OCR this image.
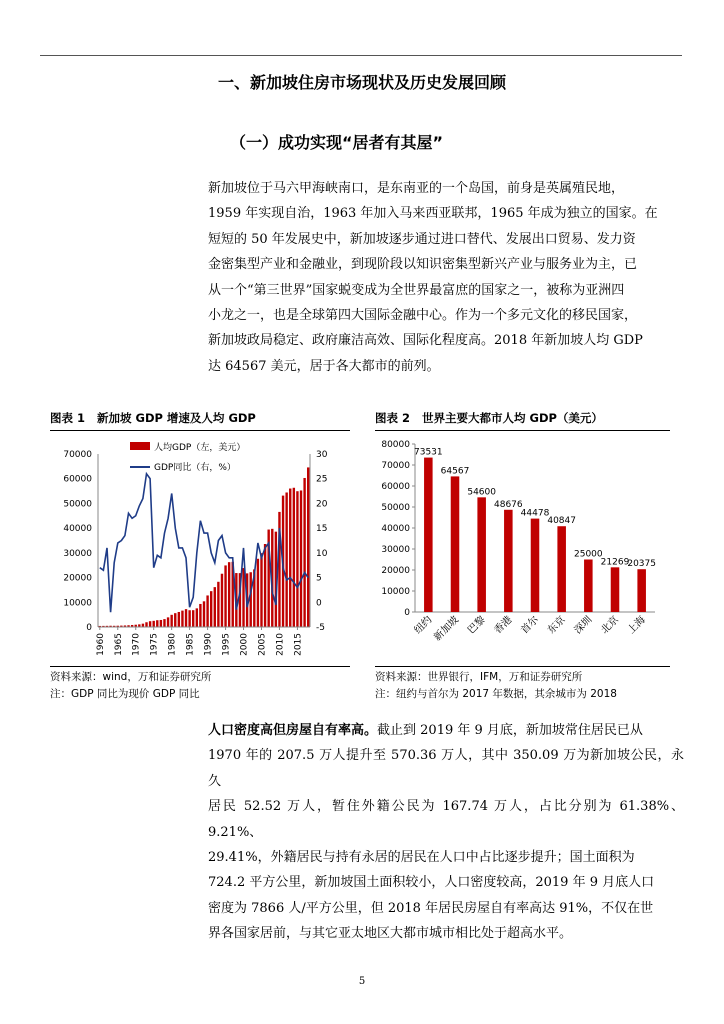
一、新加坡住房市场现状及历史发展回顾
（一）成功实现“居者有其屋”

新加坡位于马六甲海峡南口，是东南亚的一个岛国，前身是英属殖民地，

1959 年实现自治，1963 年加入马来西亚联邦，1965 年成为独立的国家。在

短短的 50 年发展史中，新加坡逐步通过进口替代、发展出口贸易、发力资

金密集型产业和金融业，到现阶段以知识密集型新兴产业与服务业为主，已

从一个“第三世界”国家蜕变成为全世界最富庶的国家之一，被称为亚洲四

小龙之一，也是全球第四大国际金融中心。作为一个多元文化的移民国家，

新加坡政局稳定、政府廉洁高效、国际化程度高。2018 年新加坡人均 GDP

达 64567 美元，居于各大都市的前列。

图表 1 新加坡 GDP 增速及人均 GDP	图表 2 世界主要大都市人均 GDP（美元）
0
10000
20000
30000
40000
50000
60000
70000
-5
0
5
10
15
20
25
30
1960 1965 1970 1975 1980 1985 1990 1995 2000 2005 2010 2015
人均GDP（左，美元）
GDP同比（右，%）
资料来源：wind，万和证券研究所
注：GDP 同比为现价 GDP 同比
0
10000
20000
30000
40000
50000
60000
70000
80000
纽约
新加坡 巴黎 香港 首尔 东京 深圳 北京 上海
73531
64567
54600
48676
44478
40847
25000
21269
20375
资料来源：世界银行，IFM，万和证券研究所
注：纽约与首尔为 2017 年数据，其余城市为 2018

人口密度高但房屋自有率高。截止到 2019 年 9 月底，新加坡常住居民已从

1970 年的 207.5 万人提升至 570.36 万人，其中 350.09 万为新加坡公民，永久

居民 52.52 万人，暂住外籍公民为 167.74 万人，占比分别为 61.38%、9.21%、

29.41%，外籍居民与持有永居的居民在人口中占比逐步提升；国土面积为

724.2 平方公里，新加坡国土面积较小，人口密度较高，2019 年 9 月底人口

密度为 7866 人/平方公里，但 2018 年居民房屋自有率高达 91%，不仅在世

界各国家居前，与其它亚太地区大都市城市相比处于超高水平。

5
